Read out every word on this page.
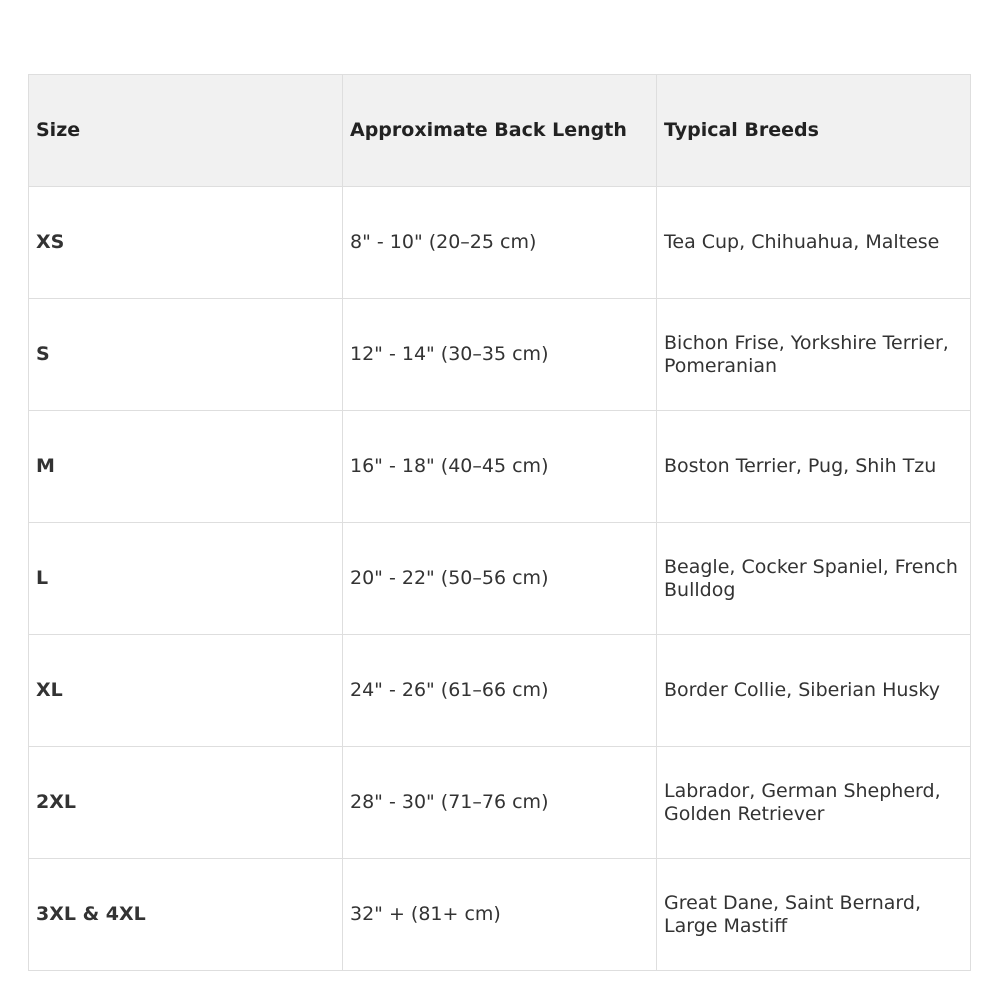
Size	Approximate Back Length	Typical Breeds
XS	8" - 10" (20–25 cm)	Tea Cup, Chihuahua, Maltese
S	12" - 14" (30–35 cm)	Bichon Frise, Yorkshire Terrier, Pomeranian
M	16" - 18" (40–45 cm)	Boston Terrier, Pug, Shih Tzu
L	20" - 22" (50–56 cm)	Beagle, Cocker Spaniel, French Bulldog
XL	24" - 26" (61–66 cm)	Border Collie, Siberian Husky
2XL	28" - 30" (71–76 cm)	Labrador, German Shepherd, Golden Retriever
3XL & 4XL	32" + (81+ cm)	Great Dane, Saint Bernard, Large Mastiff
